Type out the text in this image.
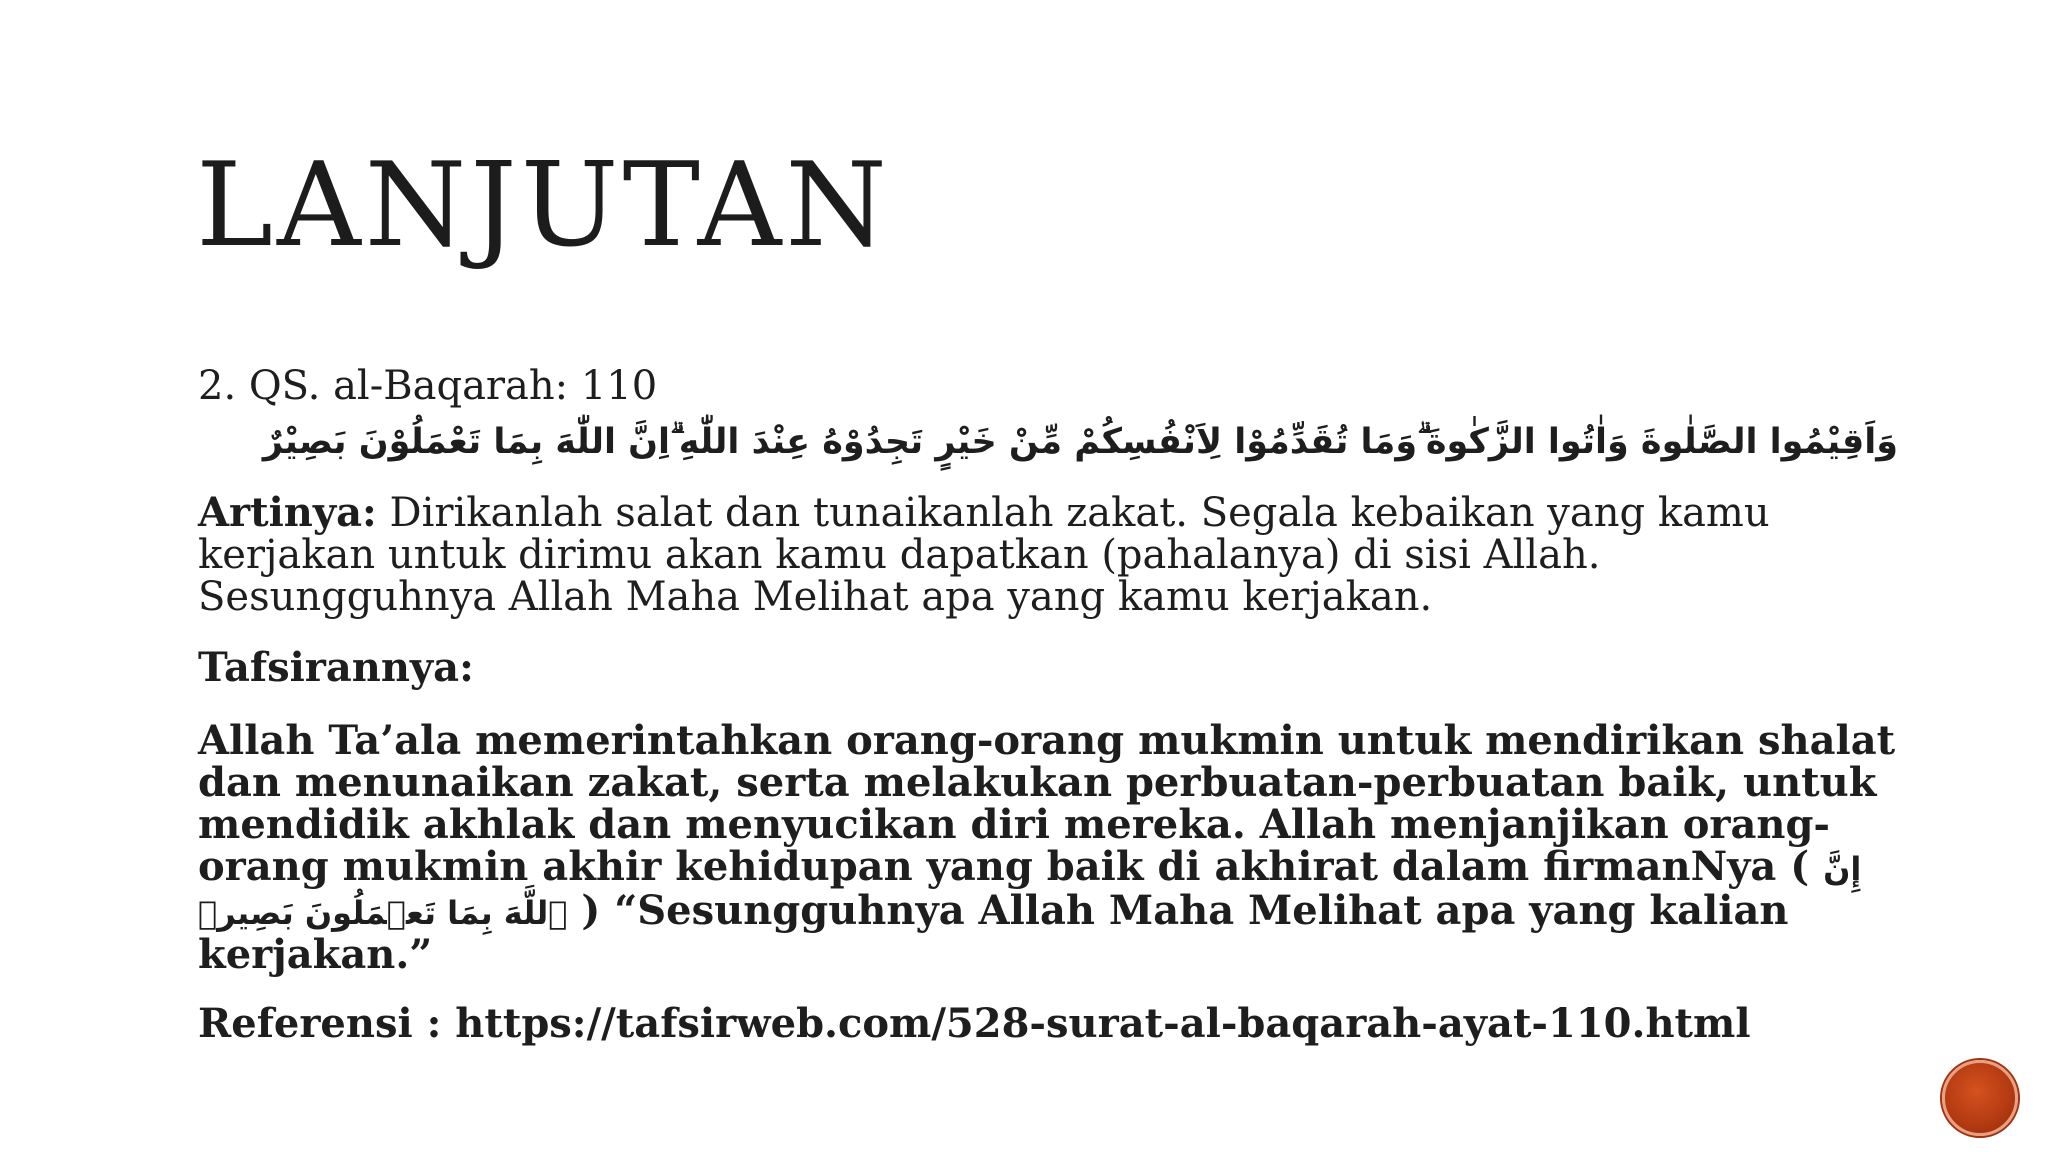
LANJUTAN

2. QS. al-Baqarah: 110

وَاَقِيْمُوا الصَّلٰوةَ وَاٰتُوا الزَّكٰوةَ ۗوَمَا تُقَدِّمُوْا لِاَنْفُسِكُمْ مِّنْ خَيْرٍ تَجِدُوْهُ عِنْدَ اللّٰهِ ۗاِنَّ اللّٰهَ بِمَا تَعْمَلُوْنَ بَصِيْرٌ

Artinya: Dirikanlah salat dan tunaikanlah zakat. Segala kebaikan yang kamu kerjakan untuk dirimu akan kamu dapatkan (pahalanya) di sisi Allah. Sesungguhnya Allah Maha Melihat apa yang kamu kerjakan.

Tafsirannya:

Allah Ta’ala memerintahkan orang-orang mukmin untuk mendirikan shalat dan menunaikan zakat, serta melakukan perbuatan-perbuatan baik, untuk mendidik akhlak dan menyucikan diri mereka. Allah menjanjikan orang-orang mukmin akhir kehidupan yang baik di akhirat dalam firmanNya ( إِنَّ ٱللَّهَ بِمَا تَعۡمَلُونَ بَصِيرٞ ) “Sesungguhnya Allah Maha Melihat apa yang kalian kerjakan.”

Referensi : https://tafsirweb.com/528-surat-al-baqarah-ayat-110.html
